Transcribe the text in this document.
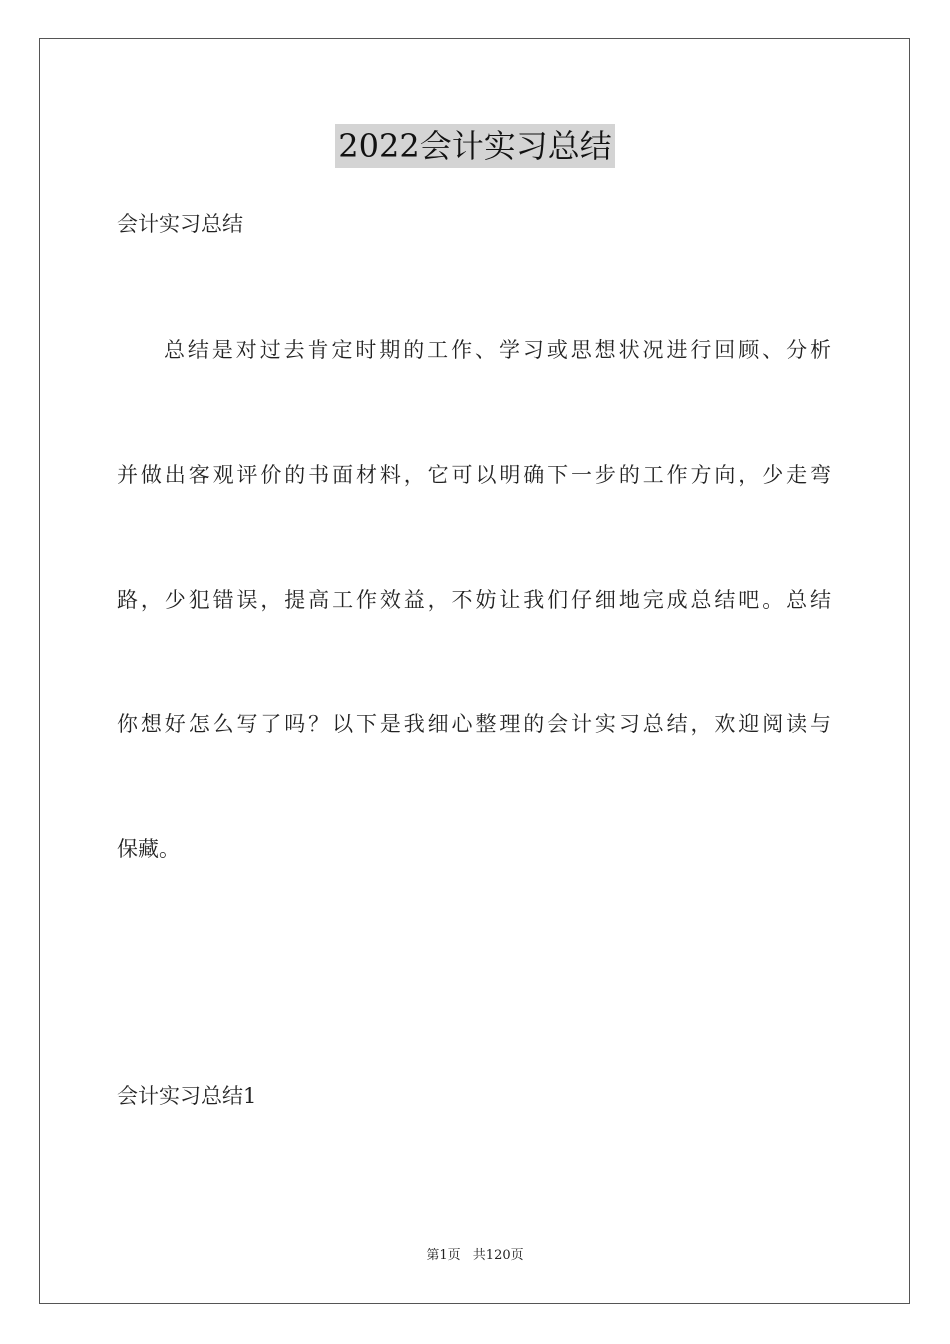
2022会计实习总结
会计实习总结
总结是对过去肯定时期的工作、学习或思想状况进行回顾、分析
并做出客观评价的书面材料，它可以明确下一步的工作方向，少走弯
路，少犯错误，提高工作效益，不妨让我们仔细地完成总结吧。总结
你想好怎么写了吗？以下是我细心整理的会计实习总结，欢迎阅读与
保藏。
会计实习总结1
第1页 共120页
